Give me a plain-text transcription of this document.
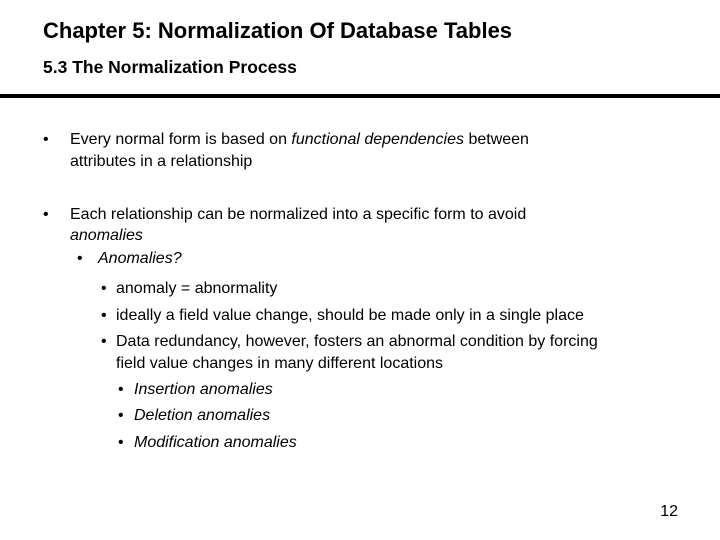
Chapter 5: Normalization Of Database Tables
5.3 The Normalization Process
• Every normal form is based on functional dependencies between
attributes in a relationship
• Each relationship can be normalized into a specific form to avoid
anomalies
• Anomalies?
• anomaly = abnormality
• ideally a field value change, should be made only in a single place
• Data redundancy, however, fosters an abnormal condition by forcing
field value changes in many different locations
• Insertion anomalies
• Deletion anomalies
• Modification anomalies
12
